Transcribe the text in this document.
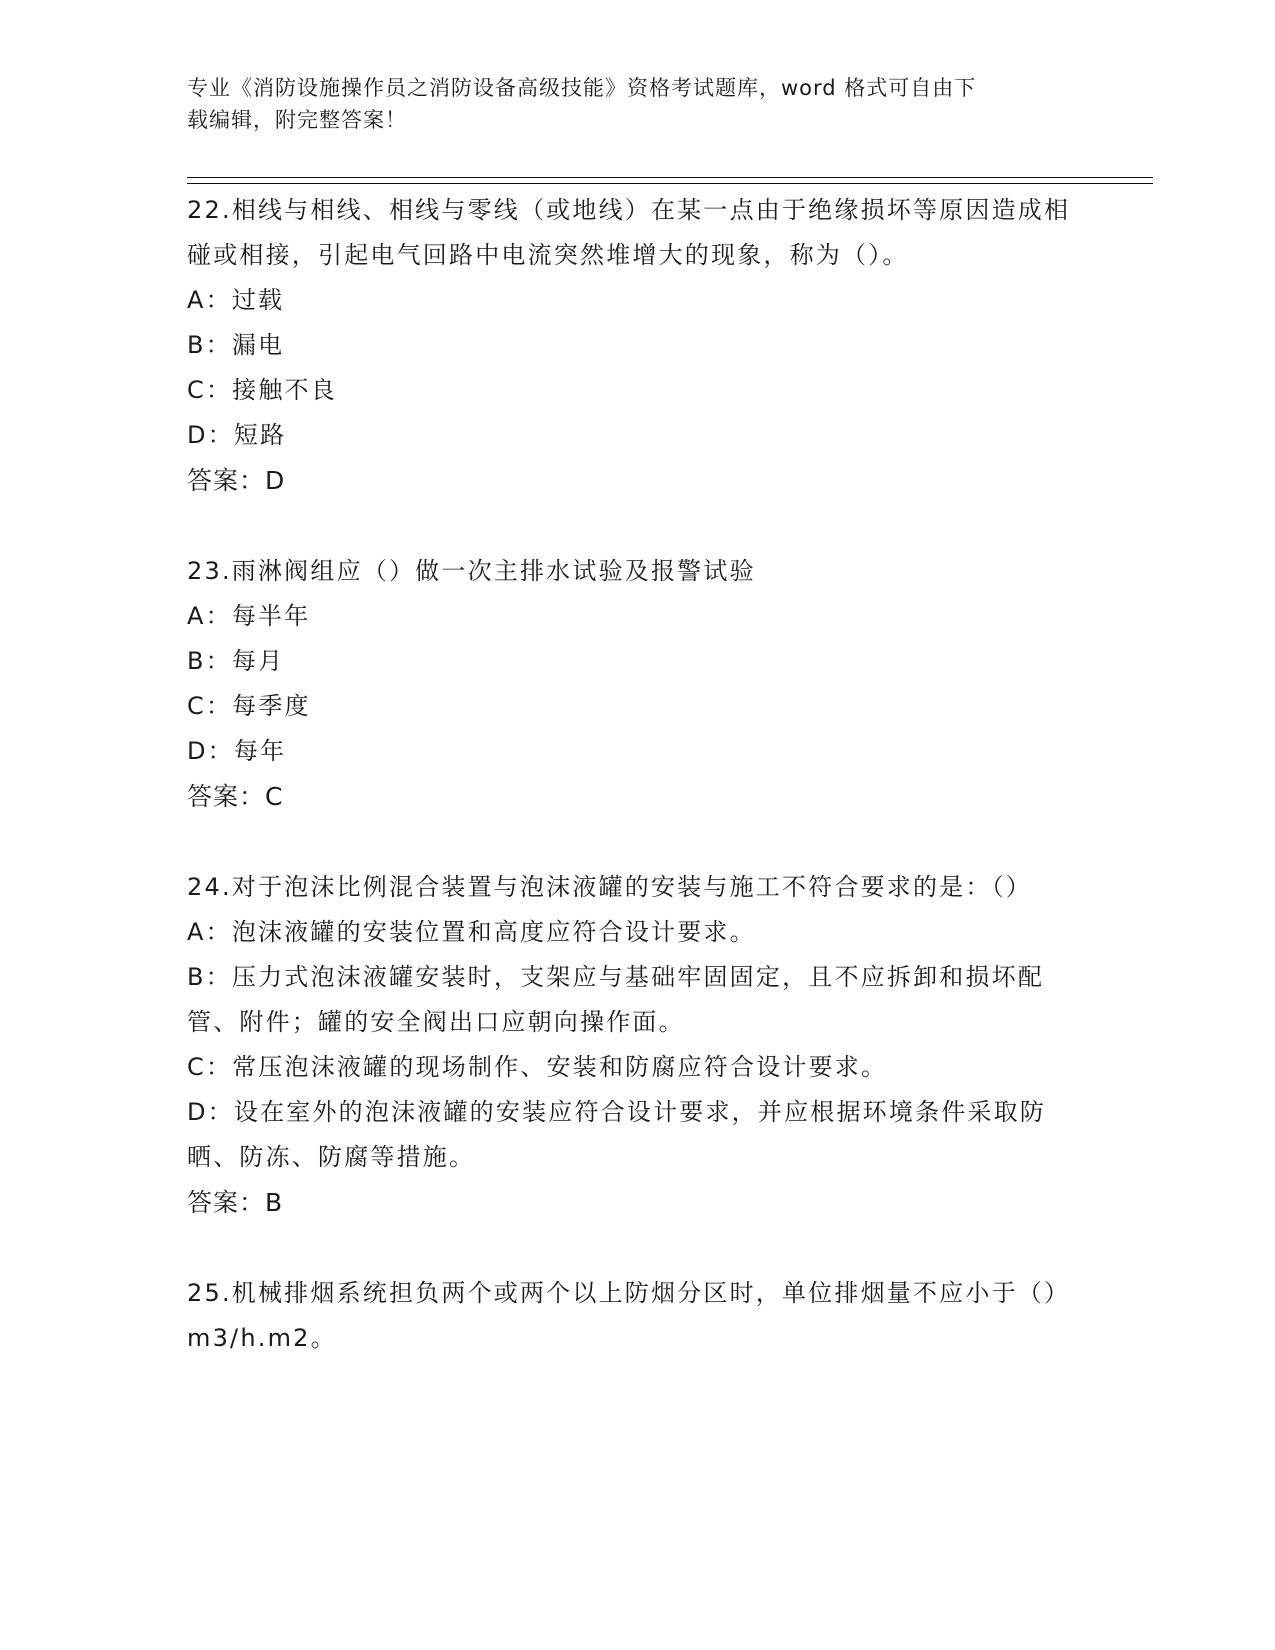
专业《消防设施操作员之消防设备高级技能》资格考试题库，word 格式可自由下
载编辑，附完整答案！

22.相线与相线、相线与零线（或地线）在某一点由于绝缘损坏等原因造成相碰或相接，引起电气回路中电流突然堆增大的现象，称为（）。

A：过载

B：漏电

C：接触不良

D：短路

答案：D

23.雨淋阀组应（）做一次主排水试验及报警试验

A：每半年

B：每月

C：每季度

D：每年

答案：C

24.对于泡沫比例混合装置与泡沫液罐的安装与施工不符合要求的是：（）

A：泡沫液罐的安装位置和高度应符合设计要求。

B：压力式泡沫液罐安装时，支架应与基础牢固固定，且不应拆卸和损坏配管、附件；罐的安全阀出口应朝向操作面。

C：常压泡沫液罐的现场制作、安装和防腐应符合设计要求。

D：设在室外的泡沫液罐的安装应符合设计要求，并应根据环境条件采取防晒、防冻、防腐等措施。

答案：B

25.机械排烟系统担负两个或两个以上防烟分区时，单位排烟量不应小于（）m3/h.m2。
